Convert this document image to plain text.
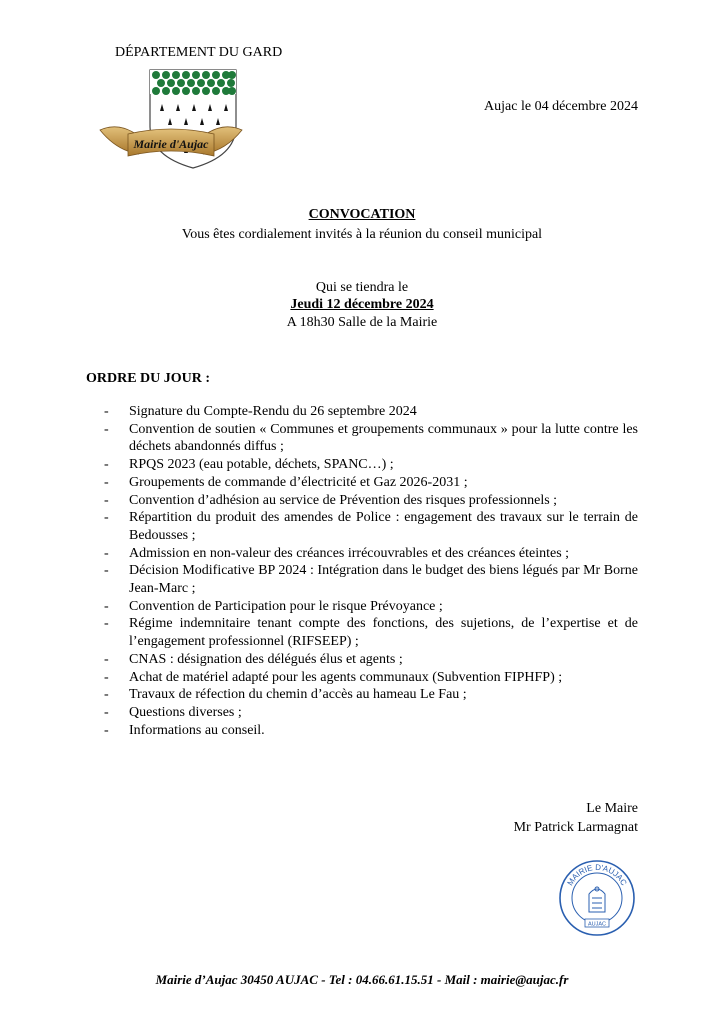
DÉPARTEMENT DU GARD
Mairie d'Aujac
Aujac le 04 décembre 2024
CONVOCATION
Vous êtes cordialement invités à la réunion du conseil municipal
Qui se tiendra le
Jeudi 12 décembre 2024
A 18h30 Salle de la Mairie
ORDRE DU JOUR :
- Signature du Compte-Rendu du 26 septembre 2024
- Convention de soutien « Communes et groupements communaux » pour la lutte contre les déchets abandonnés diffus ;
- RPQS 2023 (eau potable, déchets, SPANC…) ;
- Groupements de commande d’électricité et Gaz 2026-2031 ;
- Convention d’adhésion au service de Prévention des risques professionnels ;
- Répartition du produit des amendes de Police : engagement des travaux sur le terrain de Bedousses ;
- Admission en non-valeur des créances irrécouvrables et des créances éteintes ;
- Décision Modificative BP 2024 : Intégration dans le budget des biens légués par Mr Borne Jean-Marc ;
- Convention de Participation pour le risque Prévoyance ;
- Régime indemnitaire tenant compte des fonctions, des sujetions, de l’expertise et de l’engagement professionnel (RIFSEEP) ;
- CNAS : désignation des délégués élus et agents ;
- Achat de matériel adapté pour les agents communaux (Subvention FIPHFP) ;
- Travaux de réfection du chemin d’accès au hameau Le Fau ;
- Questions diverses ;
- Informations au conseil.
Le Maire
Mr Patrick Larmagnat
MAIRIE D'AUJAC
AUJAC
Mairie d’Aujac 30450 AUJAC - Tel : 04.66.61.15.51 - Mail : mairie@aujac.fr
